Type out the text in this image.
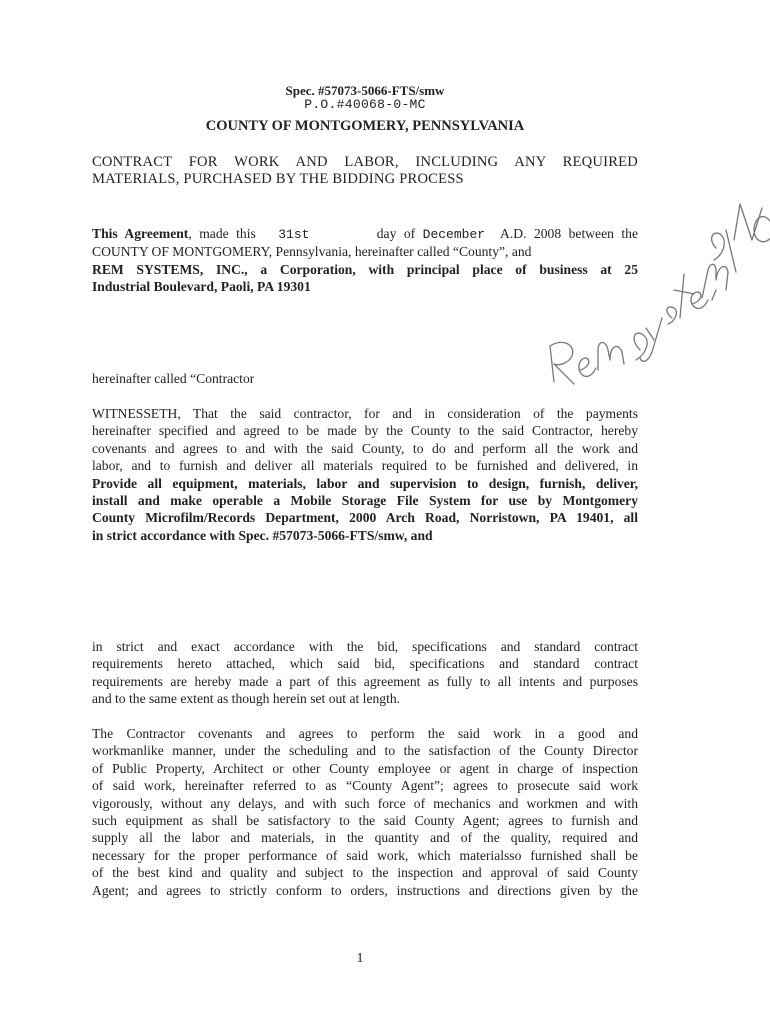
Spec. #57073-5066-FTS/smw
P.O.#40068-0-MC
COUNTY OF MONTGOMERY, PENNSYLVANIA
CONTRACT FOR WORK AND LABOR, INCLUDING ANY REQUIRED
MATERIALS, PURCHASED BY THE BIDDING PROCESS
This Agreement, made this 31st	day of December A.D. 2008 between the
COUNTY OF MONTGOMERY, Pennsylvania, hereinafter called “County”, and
REM SYSTEMS, INC., a Corporation, with principal place of business at 25
Industrial Boulevard, Paoli, PA 19301
hereinafter called “Contractor
WITNESSETH, That the said contractor, for and in consideration of the payments
hereinafter specified and agreed to be made by the County to the said Contractor, hereby
covenants and agrees to and with the said County, to do and perform all the work and
labor, and to furnish and deliver all materials required to be furnished and delivered, in
Provide all equipment, materials, labor and supervision to design, furnish, deliver,
install and make operable a Mobile Storage File System for use by Montgomery
County Microfilm/Records Department, 2000 Arch Road, Norristown, PA 19401, all
in strict accordance with Spec. #57073-5066-FTS/smw, and
in strict and exact accordance with the bid, specifications and standard contract
requirements hereto attached, which said bid, specifications and standard contract
requirements are hereby made a part of this agreement as fully to all intents and purposes
and to the same extent as though herein set out at length.
The Contractor covenants and agrees to perform the said work in a good and
workmanlike manner, under the scheduling and to the satisfaction of the County Director
of Public Property, Architect or other County employee or agent in charge of inspection
of said work, hereinafter referred to as “County Agent”; agrees to prosecute said work
vigorously, without any delays, and with such force of mechanics and workmen and with
such equipment as shall be satisfactory to the said County Agent; agrees to furnish and
supply all the labor and materials, in the quantity and of the quality, required and
necessary for the proper performance of said work, which materialsso furnished shall be
of the best kind and quality and subject to the inspection and approval of said County
Agent; and agrees to strictly conform to orders, instructions and directions given by the
1
